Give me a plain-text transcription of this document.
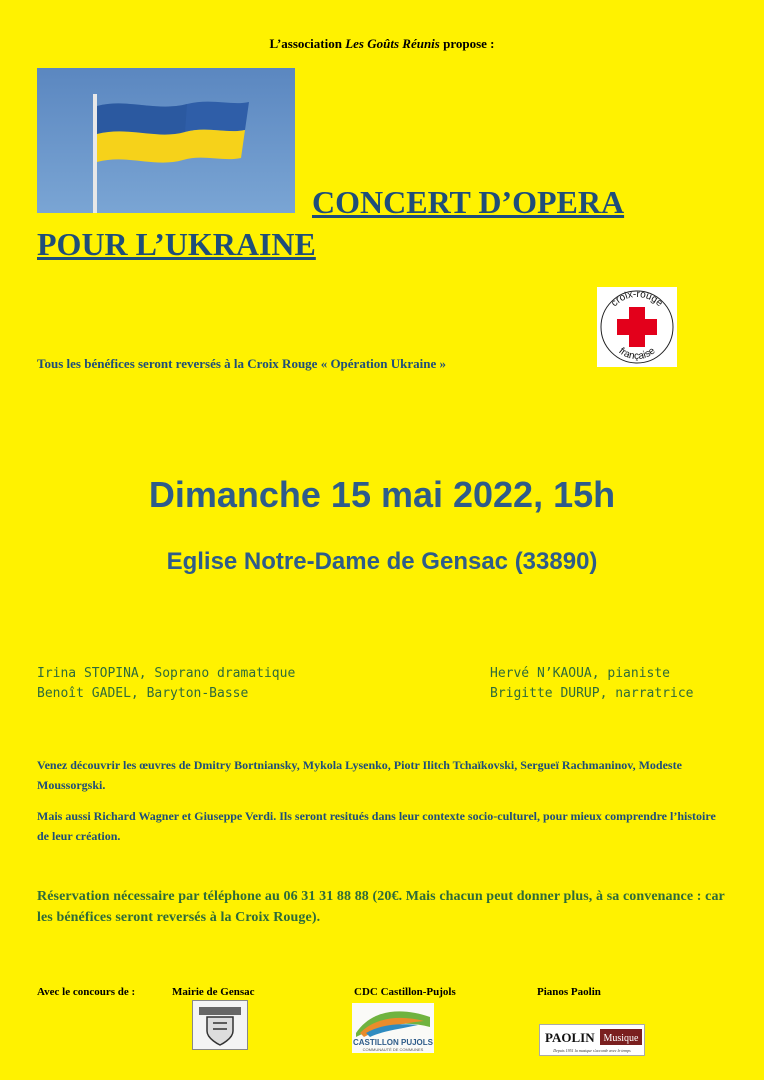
L’association Les Goûts Réunis propose :
CONCERT D’OPERA
POUR L’UKRAINE
croix-rouge
française
Tous les bénéfices seront reversés à la Croix Rouge « Opération Ukraine »
Dimanche 15 mai 2022, 15h
Eglise Notre-Dame de Gensac (33890)
Irina STOPINA, Soprano dramatique
Benoît GADEL, Baryton-Basse
Hervé N’KAOUA, pianiste
Brigitte DURUP, narratrice
Venez découvrir les œuvres de Dmitry Bortniansky, Mykola Lysenko, Piotr Ilitch Tchaïkovski, Sergueï Rachmaninov, Modeste Moussorgski.
Mais aussi Richard Wagner et Giuseppe Verdi. Ils seront resitués dans leur contexte socio-culturel, pour mieux comprendre l’histoire de leur création.
Réservation nécessaire par téléphone au 06 31 31 88 88 (20€. Mais chacun peut donner plus, à sa convenance : car les bénéfices seront reversés à la Croix Rouge).
Avec le concours de :	Mairie de Gensac	CDC Castillon-Pujols	Pianos Paolin
CASTILLON PUJOLS
COMMUNAUTÉ DE COMMUNES
PAOLIN Musique
Depuis 1951 la musique s'accorde avec le temps
